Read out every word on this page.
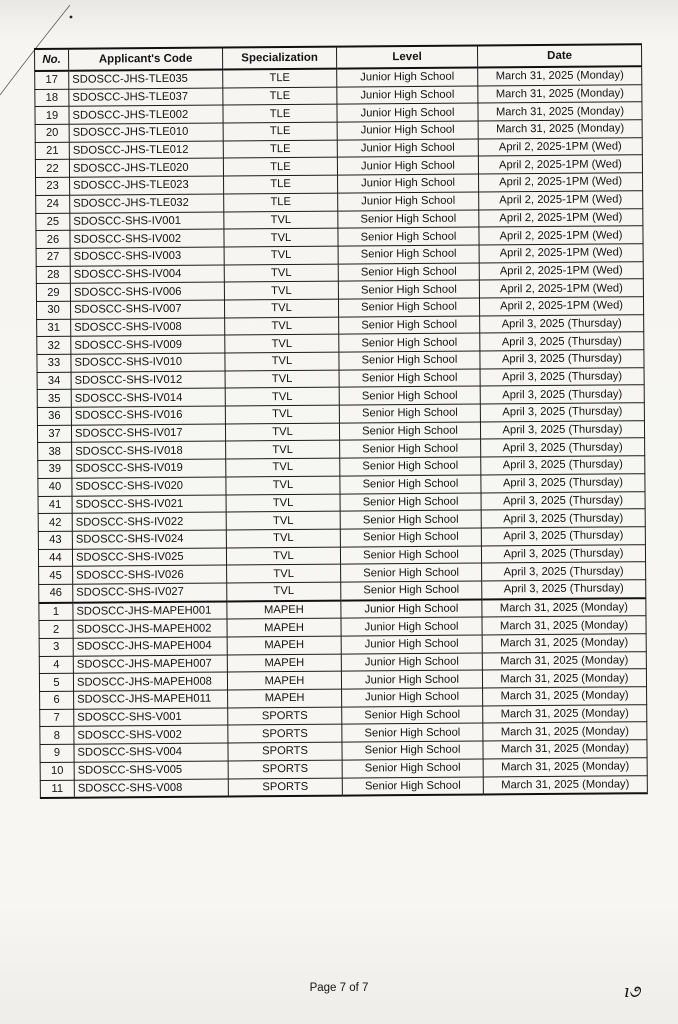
No.	Applicant's Code	Specialization	Level	Date
17	SDOSCC-JHS-TLE035	TLE	Junior High School	March 31, 2025 (Monday)
18	SDOSCC-JHS-TLE037	TLE	Junior High School	March 31, 2025 (Monday)
19	SDOSCC-JHS-TLE002	TLE	Junior High School	March 31, 2025 (Monday)
20	SDOSCC-JHS-TLE010	TLE	Junior High School	March 31, 2025 (Monday)
21	SDOSCC-JHS-TLE012	TLE	Junior High School	April 2, 2025-1PM (Wed)
22	SDOSCC-JHS-TLE020	TLE	Junior High School	April 2, 2025-1PM (Wed)
23	SDOSCC-JHS-TLE023	TLE	Junior High School	April 2, 2025-1PM (Wed)
24	SDOSCC-JHS-TLE032	TLE	Junior High School	April 2, 2025-1PM (Wed)
25	SDOSCC-SHS-IV001	TVL	Senior High School	April 2, 2025-1PM (Wed)
26	SDOSCC-SHS-IV002	TVL	Senior High School	April 2, 2025-1PM (Wed)
27	SDOSCC-SHS-IV003	TVL	Senior High School	April 2, 2025-1PM (Wed)
28	SDOSCC-SHS-IV004	TVL	Senior High School	April 2, 2025-1PM (Wed)
29	SDOSCC-SHS-IV006	TVL	Senior High School	April 2, 2025-1PM (Wed)
30	SDOSCC-SHS-IV007	TVL	Senior High School	April 2, 2025-1PM (Wed)
31	SDOSCC-SHS-IV008	TVL	Senior High School	April 3, 2025 (Thursday)
32	SDOSCC-SHS-IV009	TVL	Senior High School	April 3, 2025 (Thursday)
33	SDOSCC-SHS-IV010	TVL	Senior High School	April 3, 2025 (Thursday)
34	SDOSCC-SHS-IV012	TVL	Senior High School	April 3, 2025 (Thursday)
35	SDOSCC-SHS-IV014	TVL	Senior High School	April 3, 2025 (Thursday)
36	SDOSCC-SHS-IV016	TVL	Senior High School	April 3, 2025 (Thursday)
37	SDOSCC-SHS-IV017	TVL	Senior High School	April 3, 2025 (Thursday)
38	SDOSCC-SHS-IV018	TVL	Senior High School	April 3, 2025 (Thursday)
39	SDOSCC-SHS-IV019	TVL	Senior High School	April 3, 2025 (Thursday)
40	SDOSCC-SHS-IV020	TVL	Senior High School	April 3, 2025 (Thursday)
41	SDOSCC-SHS-IV021	TVL	Senior High School	April 3, 2025 (Thursday)
42	SDOSCC-SHS-IV022	TVL	Senior High School	April 3, 2025 (Thursday)
43	SDOSCC-SHS-IV024	TVL	Senior High School	April 3, 2025 (Thursday)
44	SDOSCC-SHS-IV025	TVL	Senior High School	April 3, 2025 (Thursday)
45	SDOSCC-SHS-IV026	TVL	Senior High School	April 3, 2025 (Thursday)
46	SDOSCC-SHS-IV027	TVL	Senior High School	April 3, 2025 (Thursday)
1	SDOSCC-JHS-MAPEH001	MAPEH	Junior High School	March 31, 2025 (Monday)
2	SDOSCC-JHS-MAPEH002	MAPEH	Junior High School	March 31, 2025 (Monday)
3	SDOSCC-JHS-MAPEH004	MAPEH	Junior High School	March 31, 2025 (Monday)
4	SDOSCC-JHS-MAPEH007	MAPEH	Junior High School	March 31, 2025 (Monday)
5	SDOSCC-JHS-MAPEH008	MAPEH	Junior High School	March 31, 2025 (Monday)
6	SDOSCC-JHS-MAPEH011	MAPEH	Junior High School	March 31, 2025 (Monday)
7	SDOSCC-SHS-V001	SPORTS	Senior High School	March 31, 2025 (Monday)
8	SDOSCC-SHS-V002	SPORTS	Senior High School	March 31, 2025 (Monday)
9	SDOSCC-SHS-V004	SPORTS	Senior High School	March 31, 2025 (Monday)
10	SDOSCC-SHS-V005	SPORTS	Senior High School	March 31, 2025 (Monday)
11	SDOSCC-SHS-V008	SPORTS	Senior High School	March 31, 2025 (Monday)
Page 7 of 7	ı૭
